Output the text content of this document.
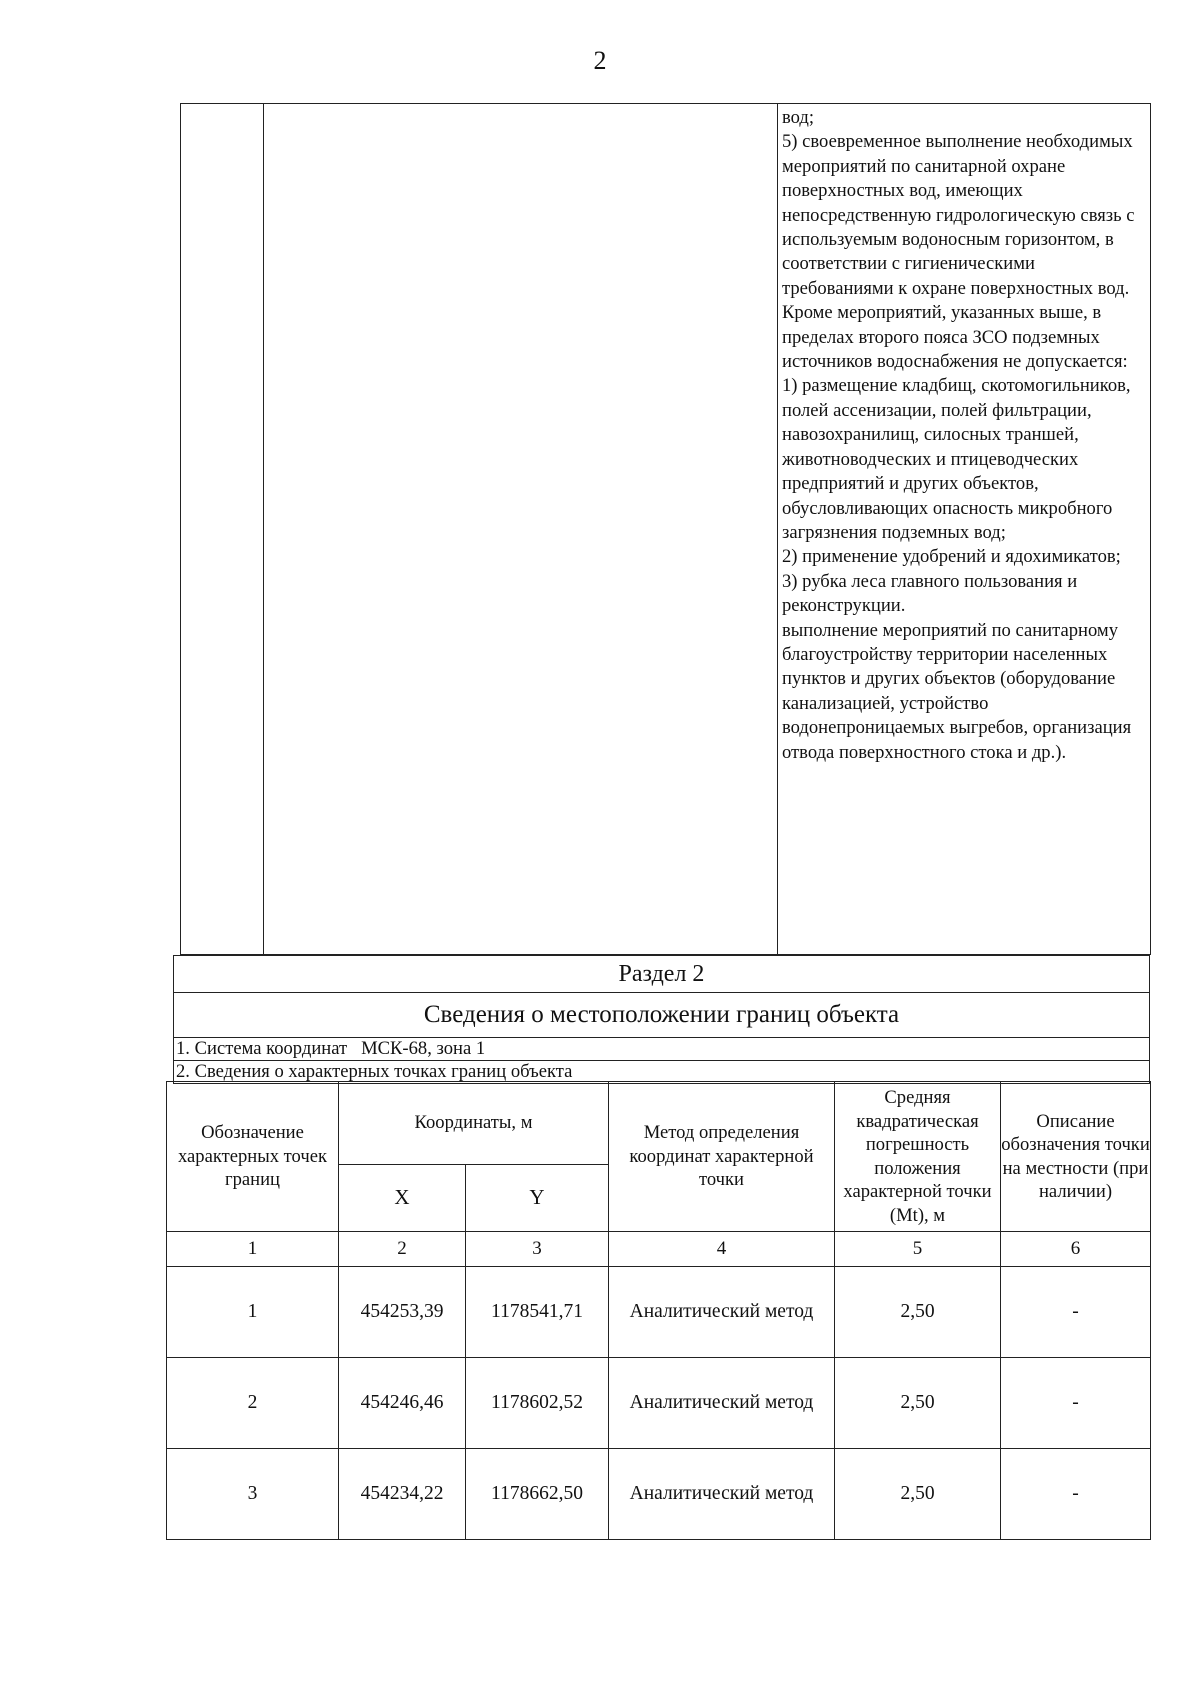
2
		вод;
5) своевременное выполнение необходимых мероприятий по санитарной охране поверхностных вод, имеющих непосредственную гидрологическую связь с используемым водоносным горизонтом, в соответствии с гигиеническими требованиями к охране поверхностных вод.
Кроме мероприятий, указанных выше, в пределах второго пояса ЗСО подземных источников водоснабжения не допускается:
1) размещение кладбищ, скотомогильников, полей ассенизации, полей фильтрации, навозохранилищ, силосных траншей, животноводческих и птицеводческих предприятий и других объектов, обусловливающих опасность микробного загрязнения подземных вод;
2) применение удобрений и ядохимикатов;
3) рубка леса главного пользования и реконструкции.
выполнение мероприятий по санитарному благоустройству территории населенных пунктов и других объектов (оборудование канализацией, устройство водонепроницаемых выгребов, организация отвода поверхностного стока и др.).
Раздел 2
Сведения о местоположении границ объекта
1. Система координат МСК-68, зона 1
2. Сведения о характерных точках границ объекта
Обозначение характерных точек границ	Координаты, м		Метод определения координат характерной точки	Средняя квадратическая погрешность положения характерной точки (Mt), м	Описание обозначения точки на местности (при наличии)
	X	Y			
1	2	3	4	5	6
1	454253,39	1178541,71	Аналитический метод	2,50	-
2	454246,46	1178602,52	Аналитический метод	2,50	-
3	454234,22	1178662,50	Аналитический метод	2,50	-
